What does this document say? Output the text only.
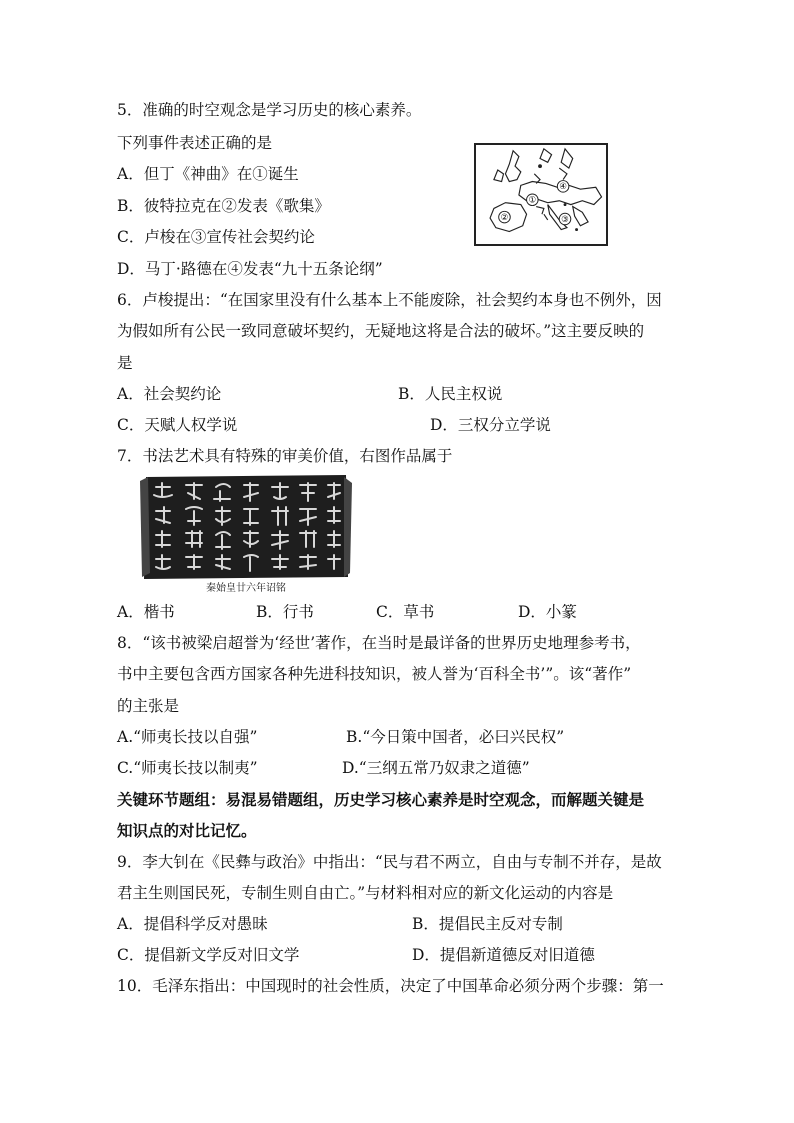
5．准确的时空观念是学习历史的核心素养。
下列事件表述正确的是
A．但丁《神曲》在①诞生
B．彼特拉克在②发表《歌集》
C．卢梭在③宣传社会契约论
D．马丁·路德在④发表“九十五条论纲”
①
②	③
④
6．卢梭提出：“在国家里没有什么基本上不能废除，社会契约本身也不例外，因
为假如所有公民一致同意破坏契约，无疑地这将是合法的破坏。”这主要反映的
是
A．社会契约论	B．人民主权说
C．天赋人权学说	D．三权分立学说
7．书法艺术具有特殊的审美价值，右图作品属于
秦始皇廿六年诏铭
A．楷书	B．行书	C．草书	D．小篆
8．“该书被梁启超誉为‘经世’著作，在当时是最详备的世界历史地理参考书，
书中主要包含西方国家各种先进科技知识，被人誉为‘百科全书’”。该“著作”
的主张是
A.“师夷长技以自强”	B.“今日策中国者，必曰兴民权”
C.“师夷长技以制夷”	D.“三纲五常乃奴隶之道德”
关键环节题组：易混易错题组，历史学习核心素养是时空观念，而解题关键是
知识点的对比记忆。
9．李大钊在《民彝与政治》中指出：“民与君不两立，自由与专制不并存，是故
君主生则国民死，专制生则自由亡。”与材料相对应的新文化运动的内容是
A．提倡科学反对愚昧	B．提倡民主反对专制
C．提倡新文学反对旧文学	D．提倡新道德反对旧道德
10．毛泽东指出：中国现时的社会性质，决定了中国革命必须分两个步骤：第一
